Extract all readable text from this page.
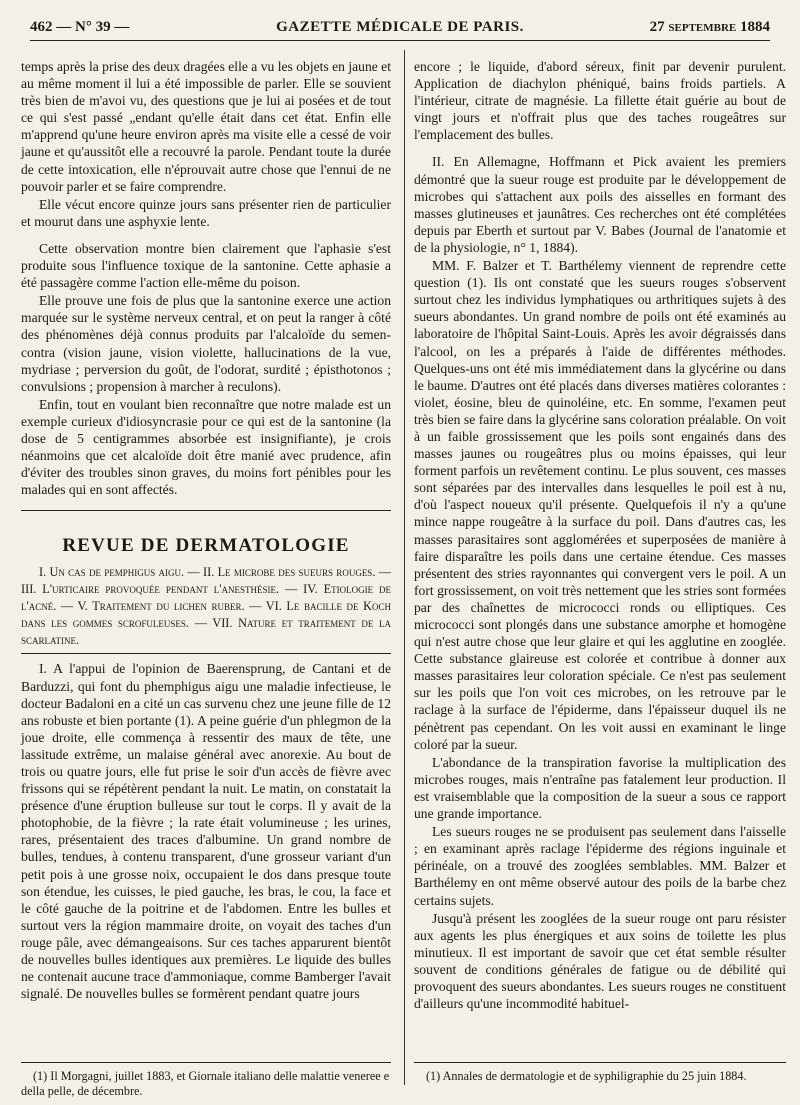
462 — N° 39 —	GAZETTE MÉDICALE DE PARIS.	27 SEPTEMBRE 1884

temps après la prise des deux dragées elle a vu les objets en jaune et au même moment il lui a été impossible de parler. Elle se souvient très bien de m'avoi vu, des questions que je lui ai posées et de tout ce qui s'est passé „endant qu'elle était dans cet état. Enfin elle m'apprend qu'une heure environ après ma visite elle a cessé de voir jaune et qu'aussitôt elle a recouvré la parole. Pendant toute la durée de cette intoxication, elle n'éprouvait autre chose que l'ennui de ne pouvoir parler et se faire comprendre.

Elle vécut encore quinze jours sans présenter rien de particulier et mourut dans une asphyxie lente.

Cette observation montre bien clairement que l'aphasie s'est produite sous l'influence toxique de la santonine. Cette aphasie a été passagère comme l'action elle-même du poison.

Elle prouve une fois de plus que la santonine exerce une action marquée sur le système nerveux central, et on peut la ranger à côté des phénomènes déjà connus produits par l'alcaloïde du semen-contra (vision jaune, vision violette, hallucinations de la vue, mydriase ; perversion du goût, de l'odorat, surdité ; épisthotonos ; convulsions ; propension à marcher à reculons).

Enfin, tout en voulant bien reconnaître que notre malade est un exemple curieux d'idiosyncrasie pour ce qui est de la santonine (la dose de 5 centigrammes absorbée est insignifiante), je crois néanmoins que cet alcaloïde doit être manié avec prudence, afin d'éviter des troubles sinon graves, du moins fort pénibles pour les malades qui en sont affectés.

REVUE DE DERMATOLOGIE

I. Un cas de pemphigus aigu. — II. Le microbe des sueurs rouges. — III. L'urticaire provoquée pendant l'anesthésie. — IV. Etiologie de l'acné. — V. Traitement du lichen ruber. — VI. Le bacille de Koch dans les gommes scrofuleuses. — VII. Nature et traitement de la scarlatine.

I. A l'appui de l'opinion de Baerensprung, de Cantani et de Barduzzi, qui font du phemphigus aigu une maladie infectieuse, le docteur Badaloni en a cité un cas survenu chez une jeune fille de 12 ans robuste et bien portante (1). A peine guérie d'un phlegmon de la joue droite, elle commença à ressentir des maux de tête, une lassitude extrême, un malaise général avec anorexie. Au bout de trois ou quatre jours, elle fut prise le soir d'un accès de fièvre avec frissons qui se répétèrent pendant la nuit. Le matin, on constatait la présence d'une éruption bulleuse sur tout le corps. Il y avait de la photophobie, de la fièvre ; la rate était volumineuse ; les urines, rares, présentaient des traces d'albumine. Un grand nombre de bulles, tendues, à contenu transparent, d'une grosseur variant d'un petit pois à une grosse noix, occupaient le dos dans presque toute son étendue, les cuisses, le pied gauche, les bras, le cou, la face et le côté gauche de la poitrine et de l'abdomen. Entre les bulles et surtout vers la région mammaire droite, on voyait des taches d'un rouge pâle, avec démangeaisons. Sur ces taches apparurent bientôt de nouvelles bulles identiques aux premières. Le liquide des bulles ne contenait aucune trace d'ammoniaque, comme Bamberger l'avait signalé. De nouvelles bulles se formèrent pendant quatre jours

encore ; le liquide, d'abord séreux, finit par devenir purulent. Application de diachylon phéniqué, bains froids partiels. A l'intérieur, citrate de magnésie. La fillette était guérie au bout de vingt jours et n'offrait plus que des taches rougeâtres sur l'emplacement des bulles.

II. En Allemagne, Hoffmann et Pick avaient les premiers démontré que la sueur rouge est produite par le développement de microbes qui s'attachent aux poils des aisselles en formant des masses glutineuses et jaunâtres. Ces recherches ont été complétées depuis par Eberth et surtout par V. Babes (Journal de l'anatomie et de la physiologie, n° 1, 1884).

MM. F. Balzer et T. Barthélemy viennent de reprendre cette question (1). Ils ont constaté que les sueurs rouges s'observent surtout chez les individus lymphatiques ou arthritiques sujets à des sueurs abondantes. Un grand nombre de poils ont été examinés au laboratoire de l'hôpital Saint-Louis. Après les avoir dégraissés dans l'alcool, on les a préparés à l'aide de différentes méthodes. Quelques-uns ont été mis immédiatement dans la glycérine ou dans le baume. D'autres ont été placés dans diverses matières colorantes : violet, éosine, bleu de quinoléine, etc. En somme, l'examen peut très bien se faire dans la glycérine sans coloration préalable. On voit à un faible grossissement que les poils sont engainés dans des masses jaunes ou rougeâtres plus ou moins épaisses, qui leur forment parfois un revêtement continu. Le plus souvent, ces masses sont séparées par des intervalles dans lesquelles le poil est à nu, d'où l'aspect noueux qu'il présente. Quelquefois il n'y a qu'une mince nappe rougeâtre à la surface du poil. Dans d'autres cas, les masses parasitaires sont agglomérées et superposées de manière à faire disparaître les poils dans une certaine étendue. Ces masses présentent des stries rayonnantes qui convergent vers le poil. A un fort grossissement, on voit très nettement que les stries sont formées par des chaînettes de micrococci ronds ou elliptiques. Ces micrococci sont plongés dans une substance amorphe et homogène qui n'est autre chose que leur glaire et qui les agglutine en zooglée. Cette substance glaireuse est colorée et contribue à donner aux masses parasitaires leur coloration spéciale. Ce n'est pas seulement sur les poils que l'on voit ces microbes, on les retrouve par le raclage à la surface de l'épiderme, dans l'épaisseur duquel ils ne pénètrent pas cependant. On les voit aussi en examinant le linge coloré par la sueur.

L'abondance de la transpiration favorise la multiplication des microbes rouges, mais n'entraîne pas fatalement leur production. Il est vraisemblable que la composition de la sueur a sous ce rapport une grande importance.

Les sueurs rouges ne se produisent pas seulement dans l'aisselle ; en examinant après raclage l'épiderme des régions inguinale et périnéale, on a trouvé des zooglées semblables. MM. Balzer et Barthélemy en ont même observé autour des poils de la barbe chez certains sujets.

Jusqu'à présent les zooglées de la sueur rouge ont paru résister aux agents les plus énergiques et aux soins de toilette les plus minutieux. Il est important de savoir que cet état semble résulter souvent de conditions générales de fatigue ou de débilité qui provoquent des sueurs abondantes. Les sueurs rouges ne constituent d'ailleurs qu'une incommodité habituel-

(1) Il Morgagni, juillet 1883, et Giornale italiano delle malattie veneree e della pelle, de décembre.
(1) Annales de dermatologie et de syphiligraphie du 25 juin 1884.
